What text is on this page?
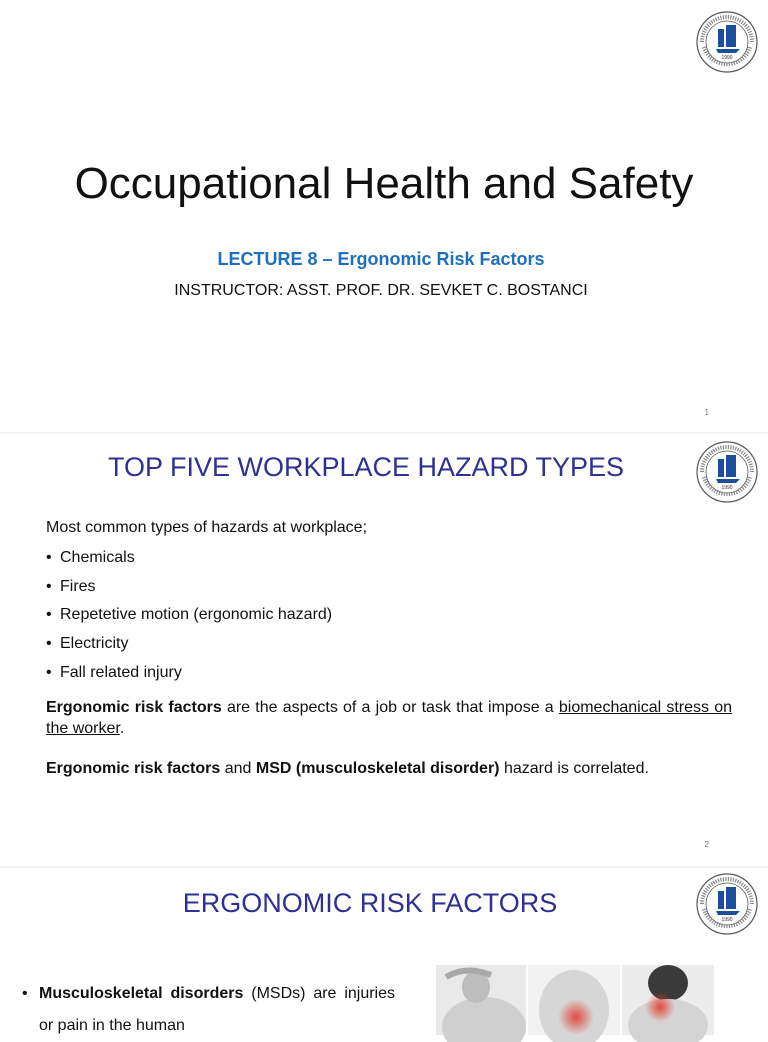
1990
Occupational Health and Safety
LECTURE 8 – Ergonomic Risk Factors
INSTRUCTOR: ASST. PROF. DR. SEVKET C. BOSTANCI
1
1990
TOP FIVE WORKPLACE HAZARD TYPES
Most common types of hazards at workplace;
• Chemicals
• Fires
• Repetetive motion (ergonomic hazard)
• Electricity
• Fall related injury
Ergonomic risk factors are the aspects of a job or task that impose a biomechanical stress on the worker.
Ergonomic risk factors and MSD (musculoskeletal disorder) hazard is correlated.
2
1990
ERGONOMIC RISK FACTORS
• Musculoskeletal disorders (MSDs) are injuries or pain in the human
